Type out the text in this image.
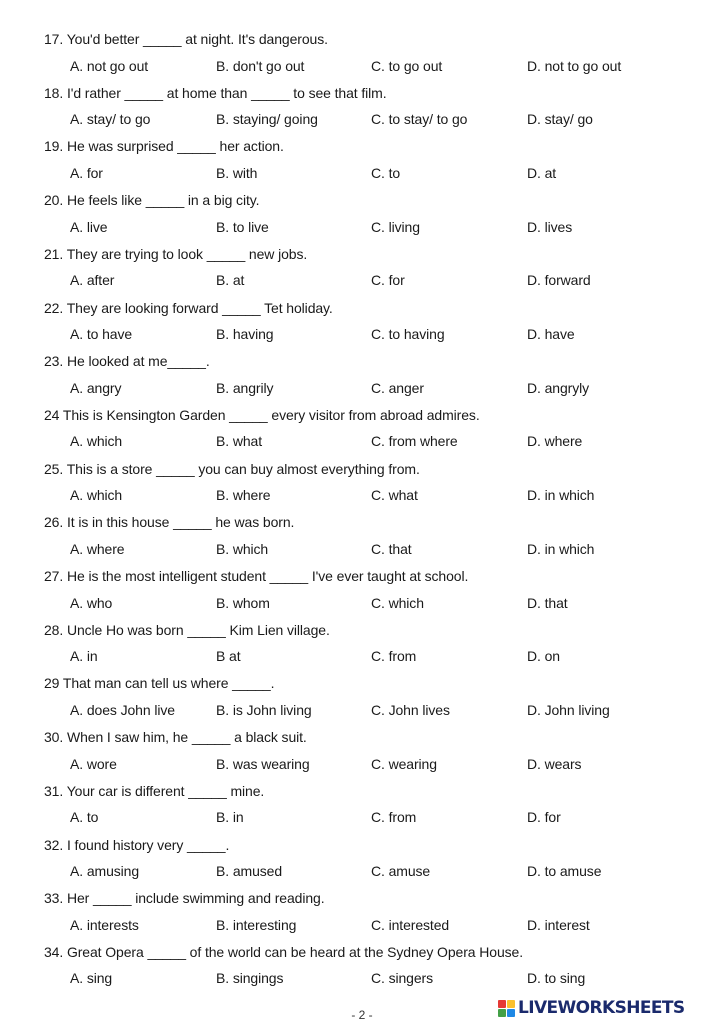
17. You'd better _____ at night. It's dangerous.
A. not go out	B. don't go out	C. to go out	D. not to go out
18. I'd rather _____ at home than _____ to see that film.
A. stay/ to go	B. staying/ going	C. to stay/ to go	D. stay/ go
19. He was surprised _____ her action.
A. for	B. with	C. to	D. at
20. He feels like _____ in a big city.
A. live	B. to live	C. living	D. lives
21. They are trying to look _____ new jobs.
A. after	B. at	C. for	D. forward
22. They are looking forward _____ Tet holiday.
A. to have	B. having	C. to having	D. have
23. He looked at me_____.
A. angry	B. angrily	C. anger	D. angryly
24 This is Kensington Garden _____ every visitor from abroad admires.
A. which	B. what	C. from where	D. where
25. This is a store _____ you can buy almost everything from.
A. which	B. where	C. what	D. in which
26. It is in this house _____ he was born.
A. where	B. which	C. that	D. in which
27. He is the most intelligent student _____ I've ever taught at school.
A. who	B. whom	C. which	D. that
28. Uncle Ho was born _____ Kim Lien village.
A. in	B at	C. from	D. on
29 That man can tell us where _____.
A. does John live	B. is John living	C. John lives	D. John living
30. When I saw him, he _____ a black suit.
A. wore	B. was wearing	C. wearing	D. wears
31. Your car is different _____ mine.
A. to	B. in	C. from	D. for
32. I found history very _____.
A. amusing	B. amused	C. amuse	D. to amuse
33. Her _____ include swimming and reading.
A. interests	B. interesting	C. interested	D. interest
34. Great Opera _____ of the world can be heard at the Sydney Opera House.
A. sing	B. singings	C. singers	D. to sing
- 2 -	LIVEWORKSHEETS
